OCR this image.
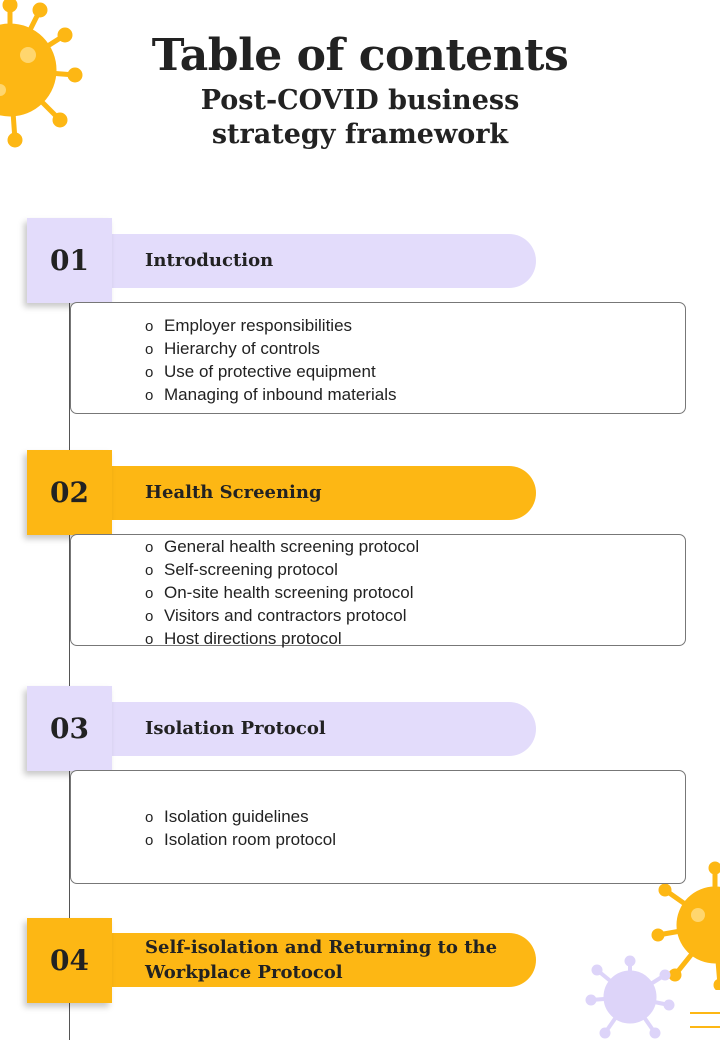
Table of contents
Post-COVID business
strategy framework
01	Introduction
o Employer responsibilities
o Hierarchy of controls
o Use of protective equipment
o Managing of inbound materials
02	Health Screening
o General health screening protocol
o Self-screening protocol
o On-site health screening protocol
o Visitors and contractors protocol
o Host directions protocol
03	Isolation Protocol
o Isolation guidelines
o Isolation room protocol
04	Self-isolation and Returning to the
Workplace Protocol
